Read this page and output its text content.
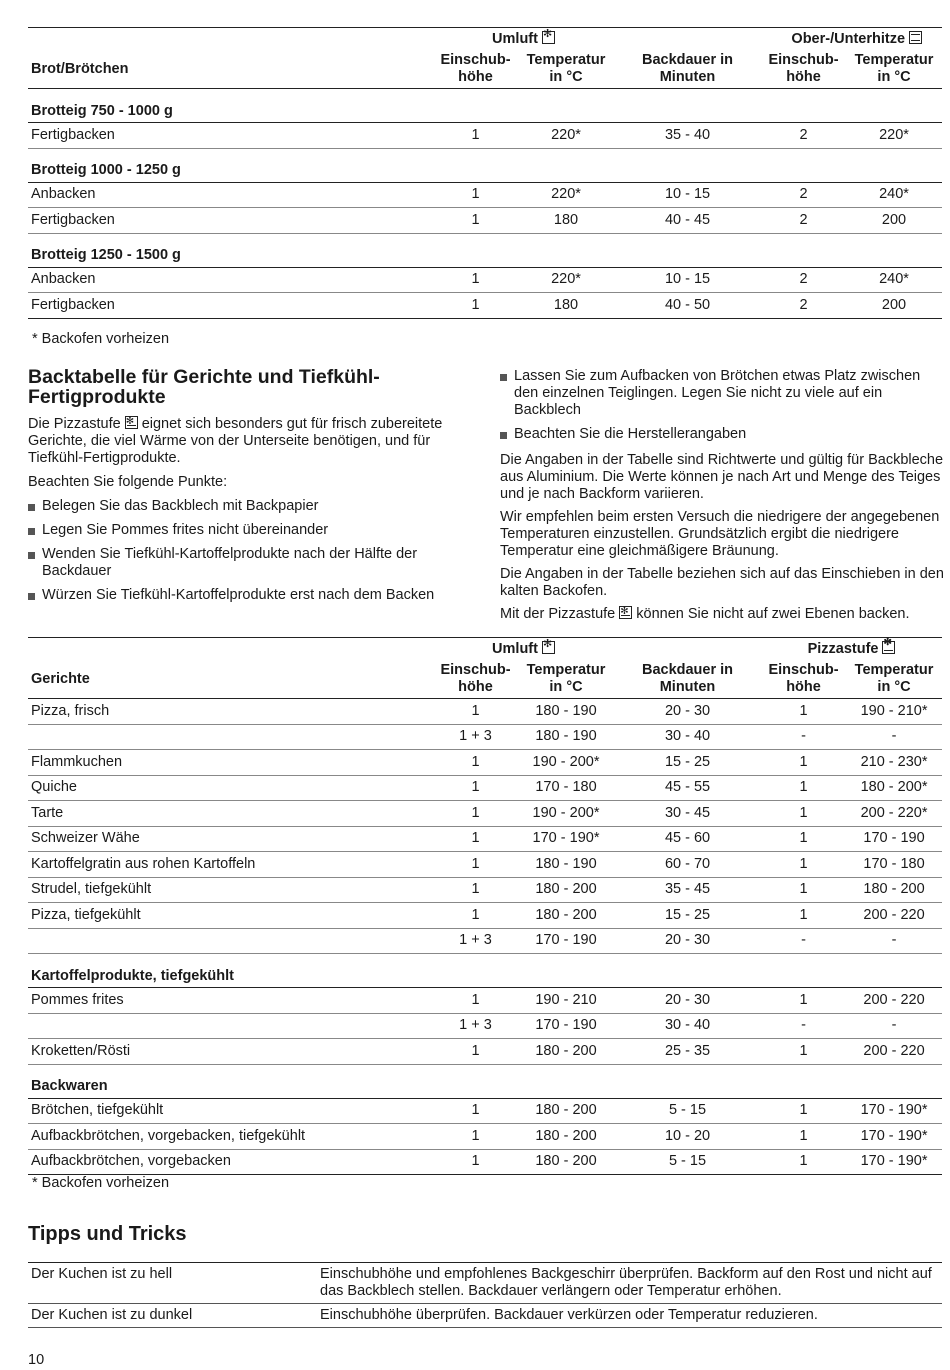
	Umluft✻			Ober-/Unterhitze	
Brot/Brötchen	Einschub-höhe	Temperatur in °C	Backdauer in Minuten	Einschub-höhe	Temperatur in °C
Brotteig 750 - 1000 g					
Fertigbacken	1	220*	35 - 40	2	220*
Brotteig 1000 - 1250 g					
Anbacken	1	220*	10 - 15	2	240*
Fertigbacken	1	180	40 - 45	2	200
Brotteig 1250 - 1500 g					
Anbacken	1	220*	10 - 15	2	240*
Fertigbacken	1	180	40 - 50	2	200
* Backofen vorheizen
Backtabelle für Gerichte und Tiefkühl-Fertigprodukte

Die Pizzastufe ✻ eignet sich besonders gut für frisch zubereitete Gerichte, die viel Wärme von der Unterseite benötigen, und für Tiefkühl-Fertigprodukte.

Beachten Sie folgende Punkte:

Belegen Sie das Backblech mit Backpapier
Legen Sie Pommes frites nicht übereinander
Wenden Sie Tiefkühl-Kartoffelprodukte nach der Hälfte der Backdauer
Würzen Sie Tiefkühl-Kartoffelprodukte erst nach dem Backen
Lassen Sie zum Aufbacken von Brötchen etwas Platz zwischen den einzelnen Teiglingen. Legen Sie nicht zu viele auf ein Backblech
Beachten Sie die Herstellerangaben

Die Angaben in der Tabelle sind Richtwerte und gültig für Backbleche aus Aluminium. Die Werte können je nach Art und Menge des Teiges und je nach Backform variieren.

Wir empfehlen beim ersten Versuch die niedrigere der angegebenen Temperaturen einzustellen. Grundsätzlich ergibt die niedrigere Temperatur eine gleichmäßigere Bräunung.

Die Angaben in der Tabelle beziehen sich auf das Einschieben in den kalten Backofen.

Mit der Pizzastufe ✻ können Sie nicht auf zwei Ebenen backen.

	Umluft✻			Pizzastufe✻
Gerichte	Einschub-höhe	Temperatur in °C	Backdauer in Minuten	Einschub-höhe	Temperatur in °C
Pizza, frisch	1	180 - 190	20 - 30	1	190 - 210*
	1 + 3	180 - 190	30 - 40	-	-
Flammkuchen	1	190 - 200*	15 - 25	1	210 - 230*
Quiche	1	170 - 180	45 - 55	1	180 - 200*
Tarte	1	190 - 200*	30 - 45	1	200 - 220*
Schweizer Wähe	1	170 - 190*	45 - 60	1	170 - 190
Kartoffelgratin aus rohen Kartoffeln	1	180 - 190	60 - 70	1	170 - 180
Strudel, tiefgekühlt	1	180 - 200	35 - 45	1	180 - 200
Pizza, tiefgekühlt	1	180 - 200	15 - 25	1	200 - 220
	1 + 3	170 - 190	20 - 30	-	-
Kartoffelprodukte, tiefgekühlt					
Pommes frites	1	190 - 210	20 - 30	1	200 - 220
	1 + 3	170 - 190	30 - 40	-	-
Kroketten/Rösti	1	180 - 200	25 - 35	1	200 - 220
Backwaren					
Brötchen, tiefgekühlt	1	180 - 200	5 - 15	1	170 - 190*
Aufbackbrötchen, vorgebacken, tiefgekühlt	1	180 - 200	10 - 20	1	170 - 190*
Aufbackbrötchen, vorgebacken	1	180 - 200	5 - 15	1	170 - 190*
* Backofen vorheizen
Tipps und Tricks
Der Kuchen ist zu hell	Einschubhöhe und empfohlenes Backgeschirr überprüfen. Backform auf den Rost und nicht auf das Backblech stellen. Backdauer verlängern oder Temperatur erhöhen.
Der Kuchen ist zu dunkel	Einschubhöhe überprüfen. Backdauer verkürzen oder Temperatur reduzieren.
10
